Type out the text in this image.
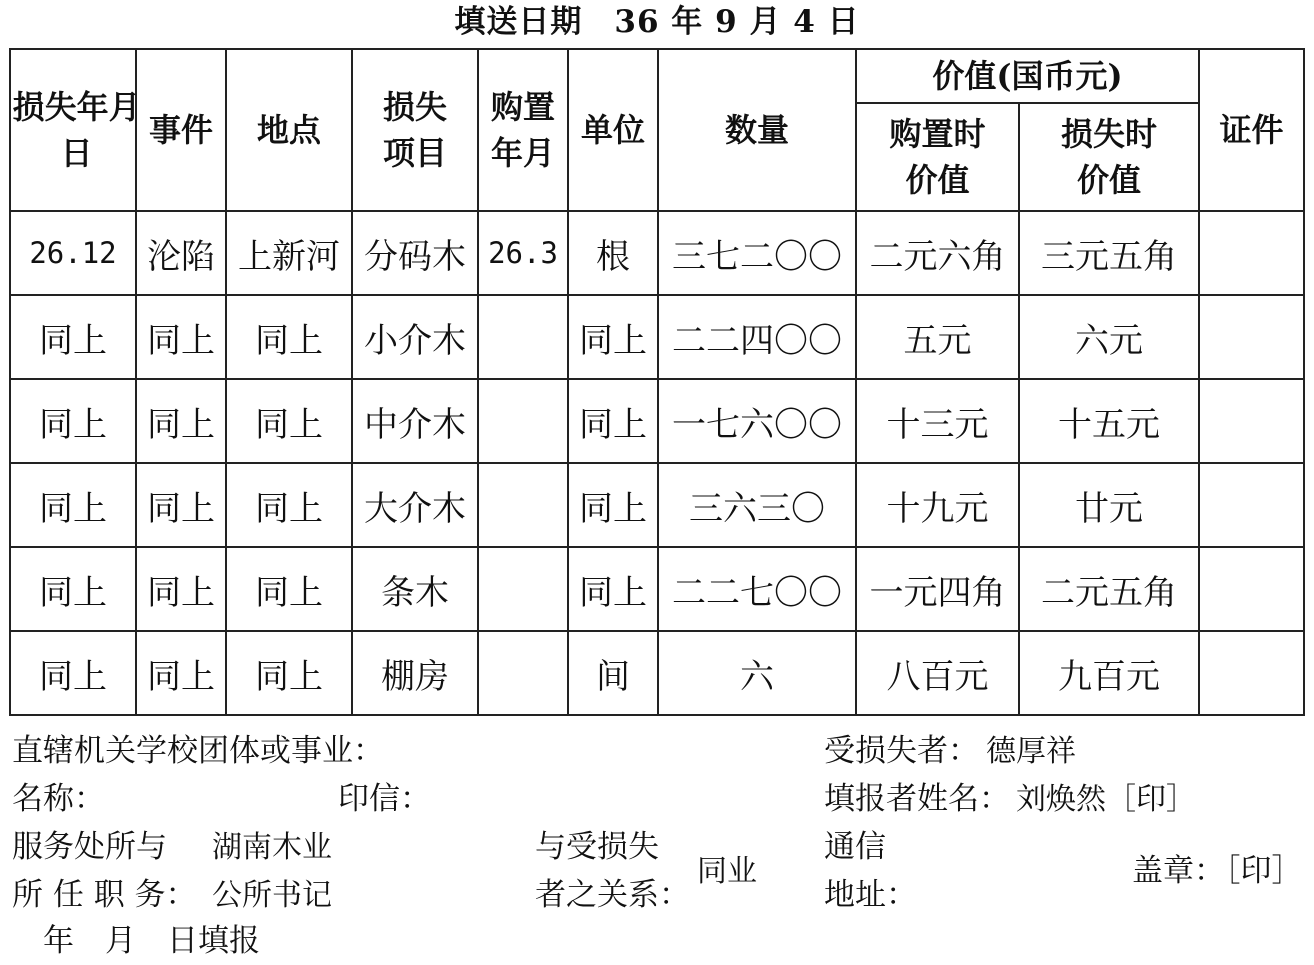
填送日期　36 年 9 月 4 日
损失年月日	事件	地点	损失项目	购置年月	单位	数量	价值(国币元)		证件

							购置时价值	损失时价值	

26.12	沦陷	上新河	分码木	26.3	根	三七二〇〇	二元六角	三元五角	
同上	同上	同上	小介木		同上	二二四〇〇	五元	六元	
同上	同上	同上	中介木		同上	一七六〇〇	十三元	十五元	
同上	同上	同上	大介木		同上	三六三〇	十九元	廿元	
同上	同上	同上	条木		同上	二二七〇〇	一元四角	二元五角	
同上	同上	同上	棚房		间	六	八百元	九百元	
直辖机关学校团体或事业：
名称：	印信：
服务处所与 湖南木业
所 任 职 务： 公所书记
　年　月　日填报
与受损失
者之关系：
同业
受损失者： 德厚祥
填报者姓名： 刘焕然［印］
通信
地址：
盖章：［印］
